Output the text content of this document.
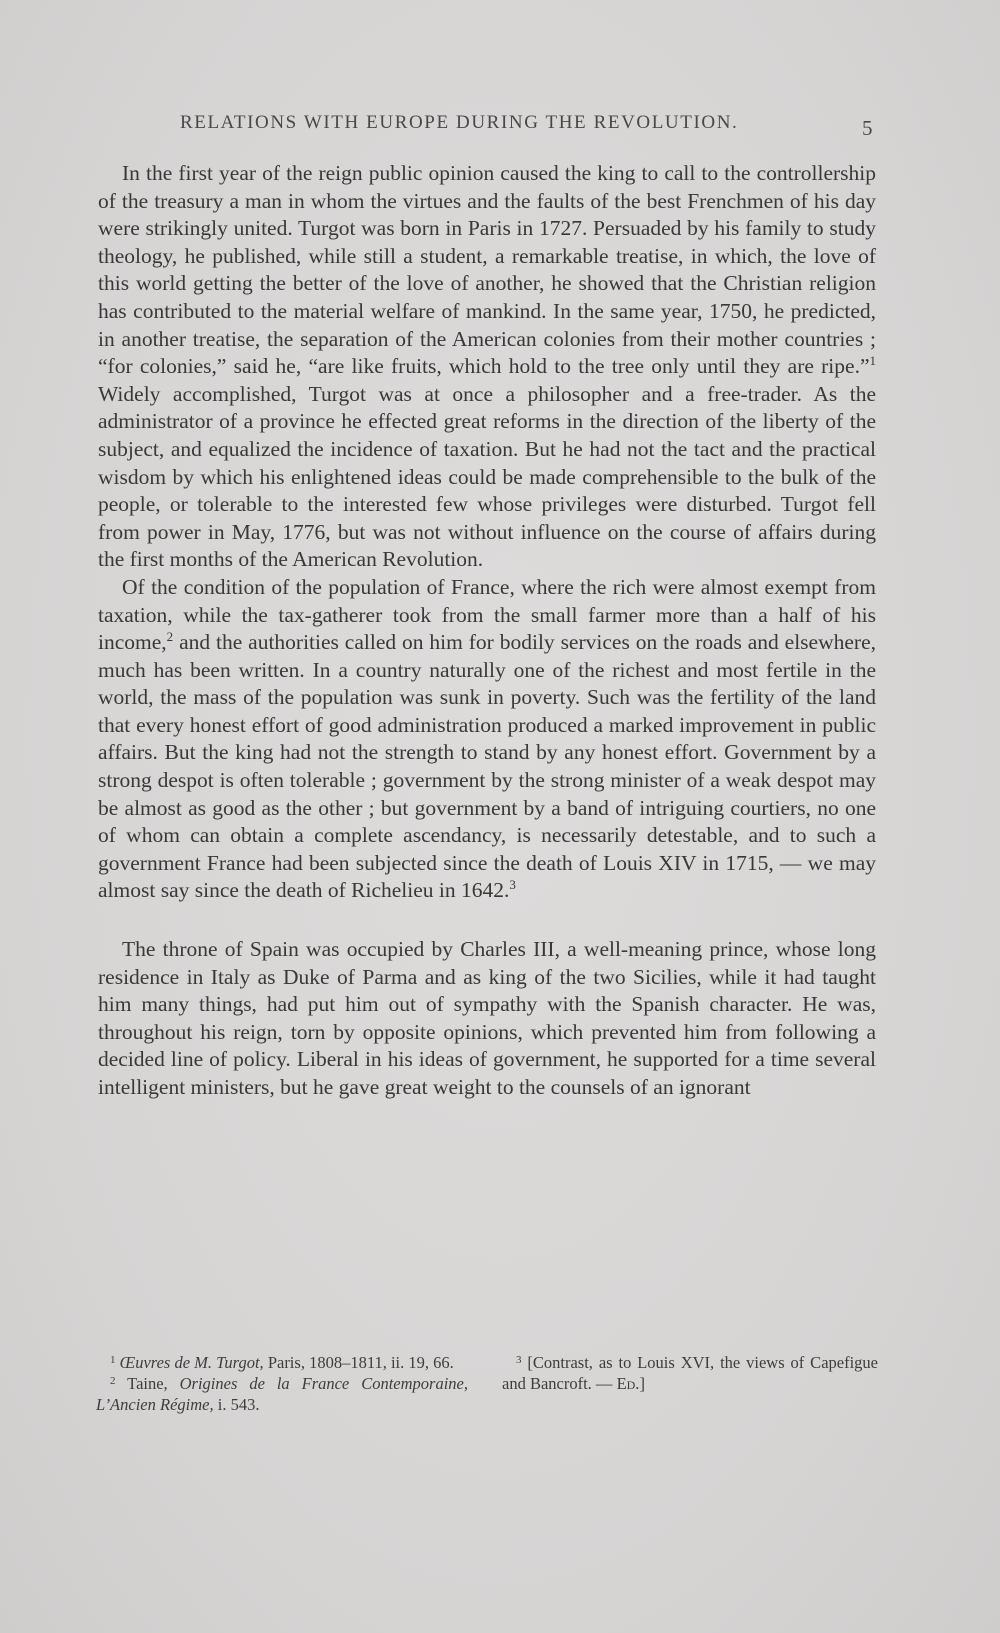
RELATIONS WITH EUROPE DURING THE REVOLUTION.	5

In the first year of the reign public opinion caused the king to call to the controllership of the treasury a man in whom the virtues and the faults of the best Frenchmen of his day were strikingly united. Turgot was born in Paris in 1727. Persuaded by his family to study theology, he published, while still a student, a remarkable treatise, in which, the love of this world getting the better of the love of another, he showed that the Christian religion has contributed to the material welfare of mankind. In the same year, 1750, he predicted, in another treatise, the separation of the American colonies from their mother countries ; “for colonies,” said he, “are like fruits, which hold to the tree only until they are ripe.”$^1$ Widely accomplished, Turgot was at once a philosopher and a free-trader. As the administrator of a province he effected great reforms in the direction of the liberty of the subject, and equalized the incidence of taxation. But he had not the tact and the practical wisdom by which his enlightened ideas could be made comprehensible to the bulk of the people, or tolerable to the interested few whose privileges were disturbed. Turgot fell from power in May, 1776, but was not without influence on the course of affairs during the first months of the American Revolution.

Of the condition of the population of France, where the rich were almost exempt from taxation, while the tax-gatherer took from the small farmer more than a half of his income,$^2$ and the authorities called on him for bodily services on the roads and elsewhere, much has been written. In a country naturally one of the richest and most fertile in the world, the mass of the population was sunk in poverty. Such was the fertility of the land that every honest effort of good administration produced a marked improvement in public affairs. But the king had not the strength to stand by any honest effort. Government by a strong despot is often tolerable ; government by the strong minister of a weak despot may be almost as good as the other ; but government by a band of intriguing courtiers, no one of whom can obtain a complete ascendancy, is necessarily detestable, and to such a government France had been subjected since the death of Louis XIV in 1715, — we may almost say since the death of Richelieu in 1642.$^3$

The throne of Spain was occupied by Charles III, a well-meaning prince, whose long residence in Italy as Duke of Parma and as king of the two Sicilies, while it had taught him many things, had put him out of sympathy with the Spanish character. He was, throughout his reign, torn by opposite opinions, which prevented him from following a decided line of policy. Liberal in his ideas of government, he supported for a time several intelligent ministers, but he gave great weight to the counsels of an ignorant

$^1$ Œuvres de M. Turgot, Paris, 1808–1811, ii. 19, 66.

$^2$ Taine, Origines de la France Contemporaine, L’Ancien Régime, i. 543.

$^3$ [Contrast, as to Louis XVI, the views of Capefigue and Bancroft. — Ed.]
